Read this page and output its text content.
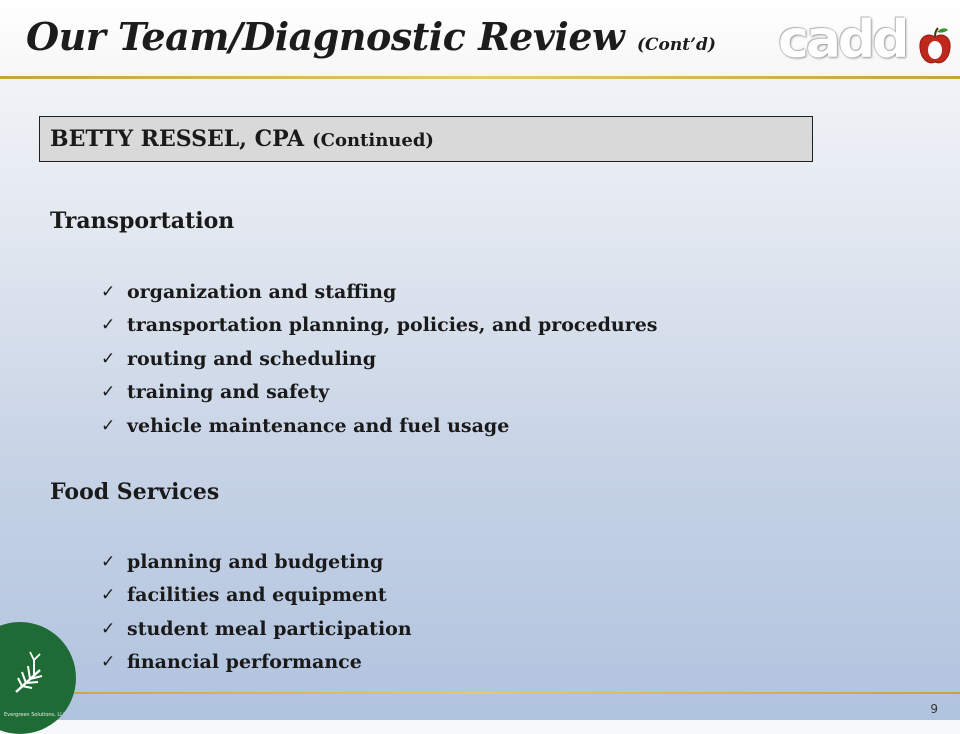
Our Team/Diagnostic Review (Cont’d) cadd
BETTY RESSEL, CPA (Continued)
Transportation
✓ organization and staffing
✓ transportation planning, policies, and procedures
✓ routing and scheduling
✓ training and safety
✓ vehicle maintenance and fuel usage
Food Services
✓ planning and budgeting
✓ facilities and equipment
✓ student meal participation
✓ financial performance
Evergreen Solutions, LLC	9
